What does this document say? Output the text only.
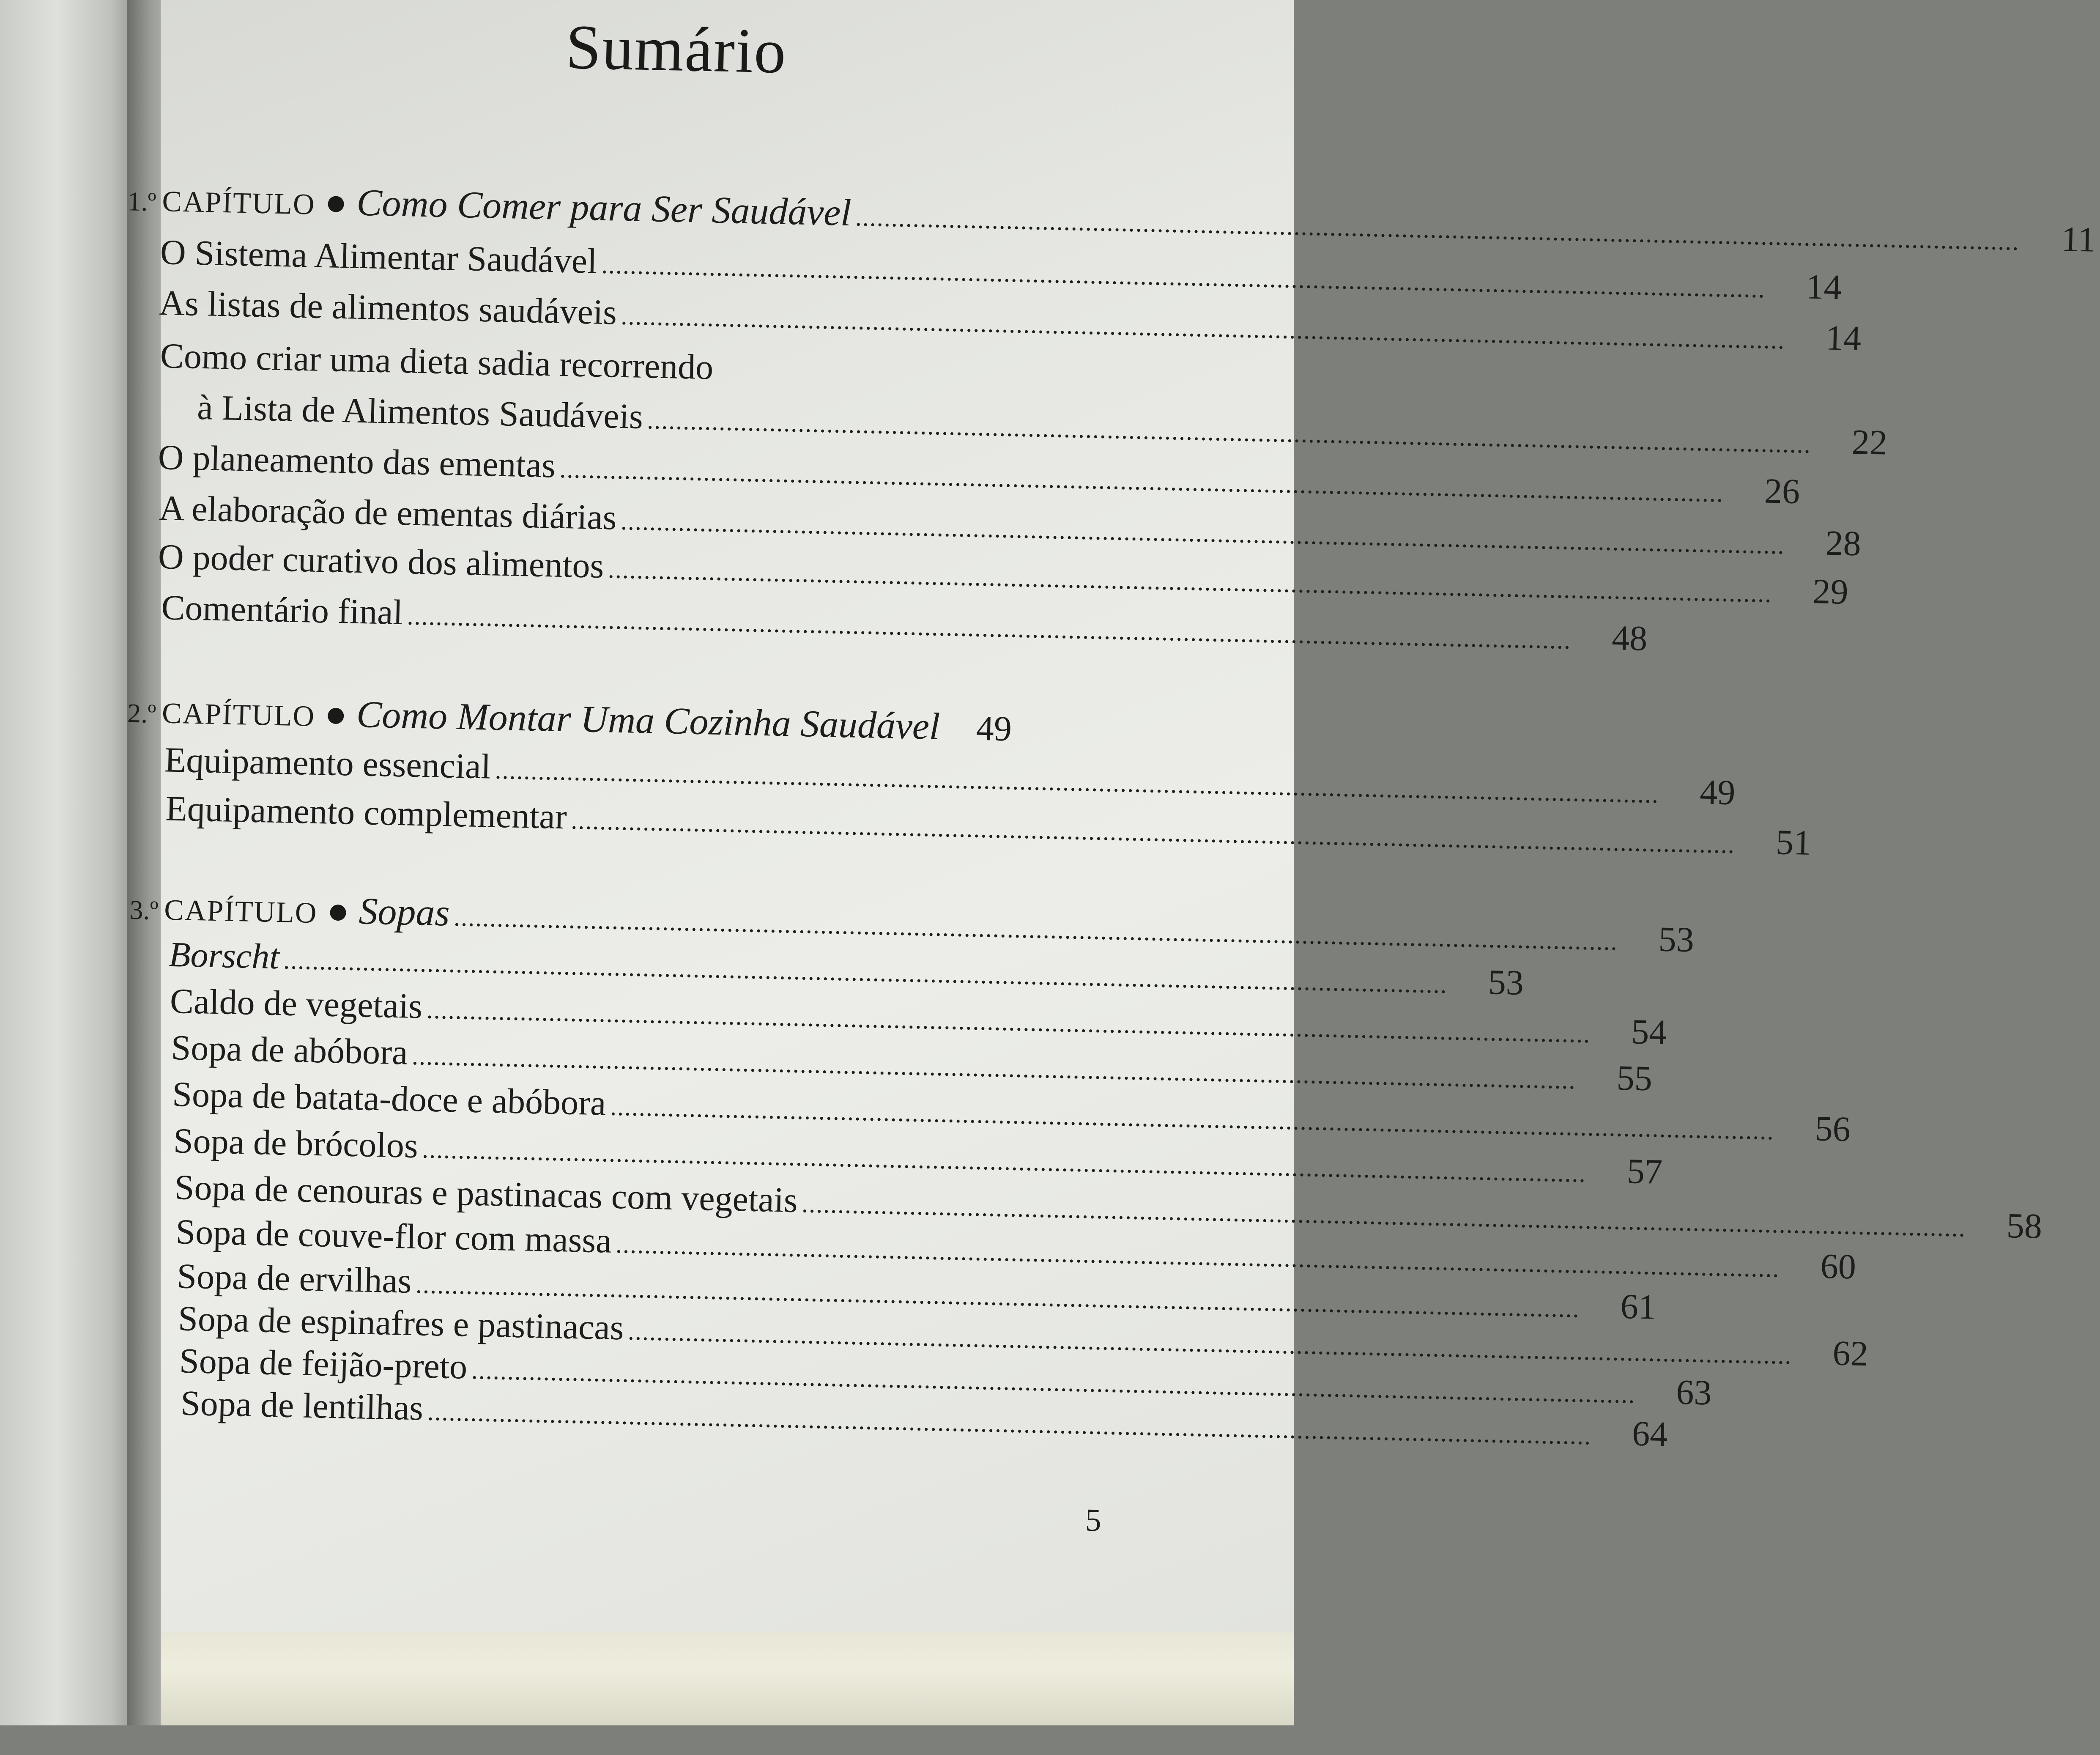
Sumário
1.º CAPÍTULO Como Comer para Ser Saudável ..................................................................................................................................................................	11
O Sistema Alimentar Saudável ..................................................................................................................................................................	14
As listas de alimentos saudáveis ..................................................................................................................................................................	14
Como criar uma dieta sadia recorrendo
à Lista de Alimentos Saudáveis ..................................................................................................................................................................	22
O planeamento das ementas ..................................................................................................................................................................	26
A elaboração de ementas diárias ..................................................................................................................................................................	28
O poder curativo dos alimentos ..................................................................................................................................................................	29
Comentário final ..................................................................................................................................................................	48
2.º CAPÍTULO Como Montar Uma Cozinha Saudável 49
Equipamento essencial ..................................................................................................................................................................	49
Equipamento complementar ..................................................................................................................................................................	51
3.º CAPÍTULO Sopas ..................................................................................................................................................................	53
Borscht ..................................................................................................................................................................	53
Caldo de vegetais ..................................................................................................................................................................	54
Sopa de abóbora ..................................................................................................................................................................	55
Sopa de batata-doce e abóbora ..................................................................................................................................................................	56
Sopa de brócolos ..................................................................................................................................................................	57
Sopa de cenouras e pastinacas com vegetais ..................................................................................................................................................................	58
Sopa de couve-flor com massa ..................................................................................................................................................................	60
Sopa de ervilhas ..................................................................................................................................................................	61
Sopa de espinafres e pastinacas ..................................................................................................................................................................	62
Sopa de feijão-preto ..................................................................................................................................................................	63
Sopa de lentilhas ..................................................................................................................................................................	64
5
